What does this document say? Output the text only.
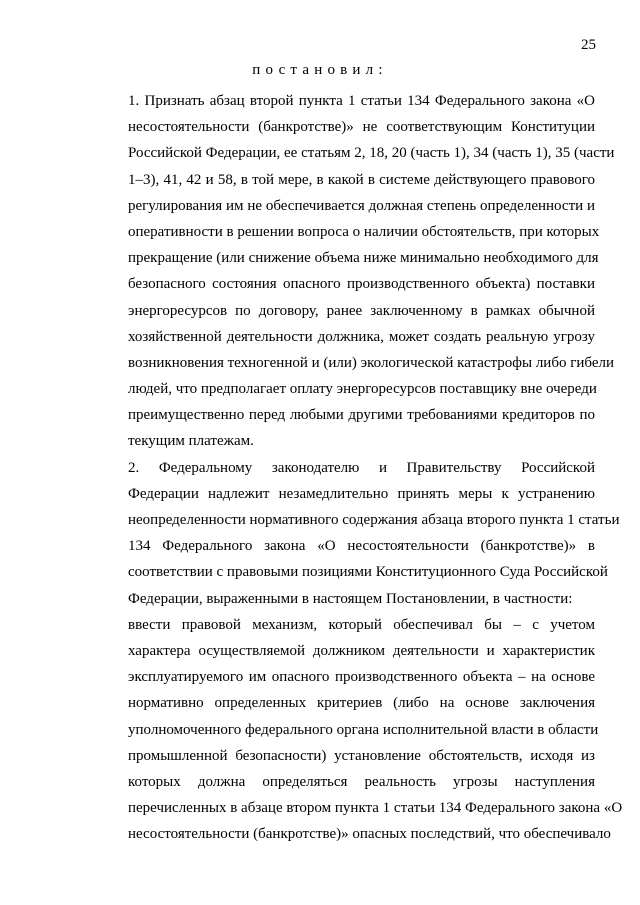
25
постановил:
1. Признать абзац второй пункта 1 статьи 134 Федерального закона «О
несостоятельности (банкротстве)» не соответствующим Конституции
Российской Федерации, ее статьям 2, 18, 20 (часть 1), 34 (часть 1), 35 (части
1–3), 41, 42 и 58, в той мере, в какой в системе действующего правового
регулирования им не обеспечивается должная степень определенности и
оперативности в решении вопроса о наличии обстоятельств, при которых
прекращение (или снижение объема ниже минимально необходимого для
безопасного состояния опасного производственного объекта) поставки
энергоресурсов по договору, ранее заключенному в рамках обычной
хозяйственной деятельности должника, может создать реальную угрозу
возникновения техногенной и (или) экологической катастрофы либо гибели
людей, что предполагает оплату энергоресурсов поставщику вне очереди
преимущественно перед любыми другими требованиями кредиторов по
текущим платежам.
2. Федеральному законодателю и Правительству Российской
Федерации надлежит незамедлительно принять меры к устранению
неопределенности нормативного содержания абзаца второго пункта 1 статьи
134 Федерального закона «О несостоятельности (банкротстве)» в
соответствии с правовыми позициями Конституционного Суда Российской
Федерации, выраженными в настоящем Постановлении, в частности:
ввести правовой механизм, который обеспечивал бы – с учетом
характера осуществляемой должником деятельности и характеристик
эксплуатируемого им опасного производственного объекта – на основе
нормативно определенных критериев (либо на основе заключения
уполномоченного федерального органа исполнительной власти в области
промышленной безопасности) установление обстоятельств, исходя из
которых должна определяться реальность угрозы наступления
перечисленных в абзаце втором пункта 1 статьи 134 Федерального закона «О
несостоятельности (банкротстве)» опасных последствий, что обеспечивало
